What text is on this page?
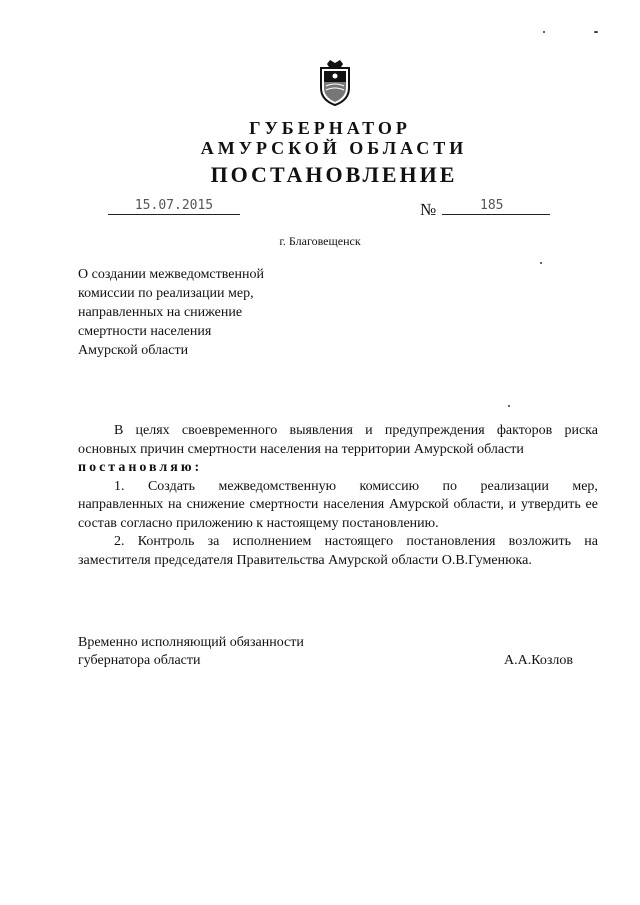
ГУБЕРНАТОР
АМУРСКОЙ ОБЛАСТИ
ПОСТАНОВЛЕНИЕ
15.07.2015	№	185
г. Благовещенск
О создании межведомственной
комиссии по реализации мер,
направленных на снижение
смертности населения
Амурской области

В целях своевременного выявления и предупреждения факторов риска основных причин смертности населения на территории Амурской области

постановляю:

1. Создать межведомственную комиссию по реализации мер,

направленных на снижение смертности населения Амурской области, и утвердить ее состав согласно приложению к настоящему постановлению.

2. Контроль за исполнением настоящего постановления возложить на заместителя председателя Правительства Амурской области О.В.Гуменюка.

Временно исполняющий обязанности
губернатора области	А.А.Козлов
